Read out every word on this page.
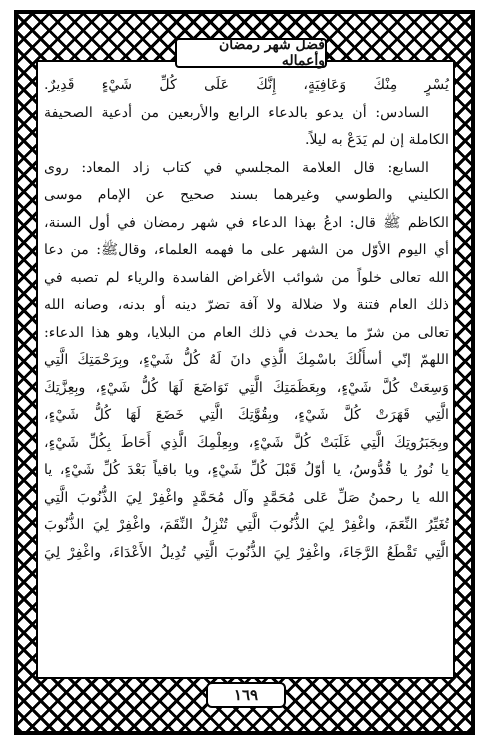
فضل شهر رمضان وأعماله

يُسْرٍ مِنْكَ وَعَافِيَةٍ، إِنَّكَ عَلَى كُلِّ شَيْءٍ قَدِيرٌ.

السادس: أن يدعو بالدعاء الرابع والأربعين من أدعية الصحيفة

الكاملة إن لم يَدَعْ به ليلاً.

السابع: قال العلامة المجلسي في كتاب زاد المعاد: روى

الكليني والطوسي وغيرهما بسند صحيح عن الإمام موسى

الكاظم ﷺ قال: ادعُ بهذا الدعاء في شهر رمضان في أول السنة،

أي اليوم الأوّل من الشهر على ما فهمه العلماء، وقالﷺ: من دعا

الله تعالى خلواً من شوائب الأغراض الفاسدة والرياء لم تصبه في

ذلك العام فتنة ولا ضلالة ولا آفة تضرّ دينه أو بدنه، وصانه الله

تعالى من شرّ ما يحدث في ذلك العام من البلايا، وهو هذا الدعاء:

اللهمّ إنّي أسأَلُكَ باسْمِكَ الَّذِي دانَ لَهُ كُلُّ شَيْءٍ، وبِرَحْمَتِكَ الَّتِي

وَسِعَتْ كُلَّ شَيْءٍ، وبِعَظَمَتِكَ الَّتِي تَوَاضَعَ لَهَا كُلُّ شَيْءٍ، وبِعِزَّتِكَ

الَّتِي قَهَرَتْ كُلَّ شَيْءٍ، وبِقُوَّتِكَ الَّتِي خَضَعَ لَهَا كُلُّ شَيْءٍ،

وبِجَبَرُوتِكَ الَّتِي غَلَبَتْ كُلَّ شَيْءٍ، وبِعِلْمِكَ الَّذِي أَحَاطَ بِكُلِّ شَيْءٍ،

يا نُورُ يا قُدُّوسُ، يا أوّلُ قَبْلَ كُلِّ شَيْءٍ، ويا باقياً بَعْدَ كُلِّ شَيْءٍ، يا

الله يا رحمنُ صَلِّ عَلى مُحَمَّدٍ وآل مُحَمَّدٍ واغْفِرْ لِيَ الذُّنُوبَ الَّتِي

تُغَيِّرُ النِّعَمَ، واغْفِرْ لِيَ الذُّنُوبَ الَّتِي تُنْزِلُ النِّقَمَ، واغْفِرْ لِيَ الذُّنُوبَ

الَّتِي تَقْطَعُ الرَّجَاءَ، واغْفِرْ لِيَ الذُّنُوبَ الَّتِي تُدِيلُ الأَعْدَاءَ، واغْفِرْ لِيَ

١٦٩
